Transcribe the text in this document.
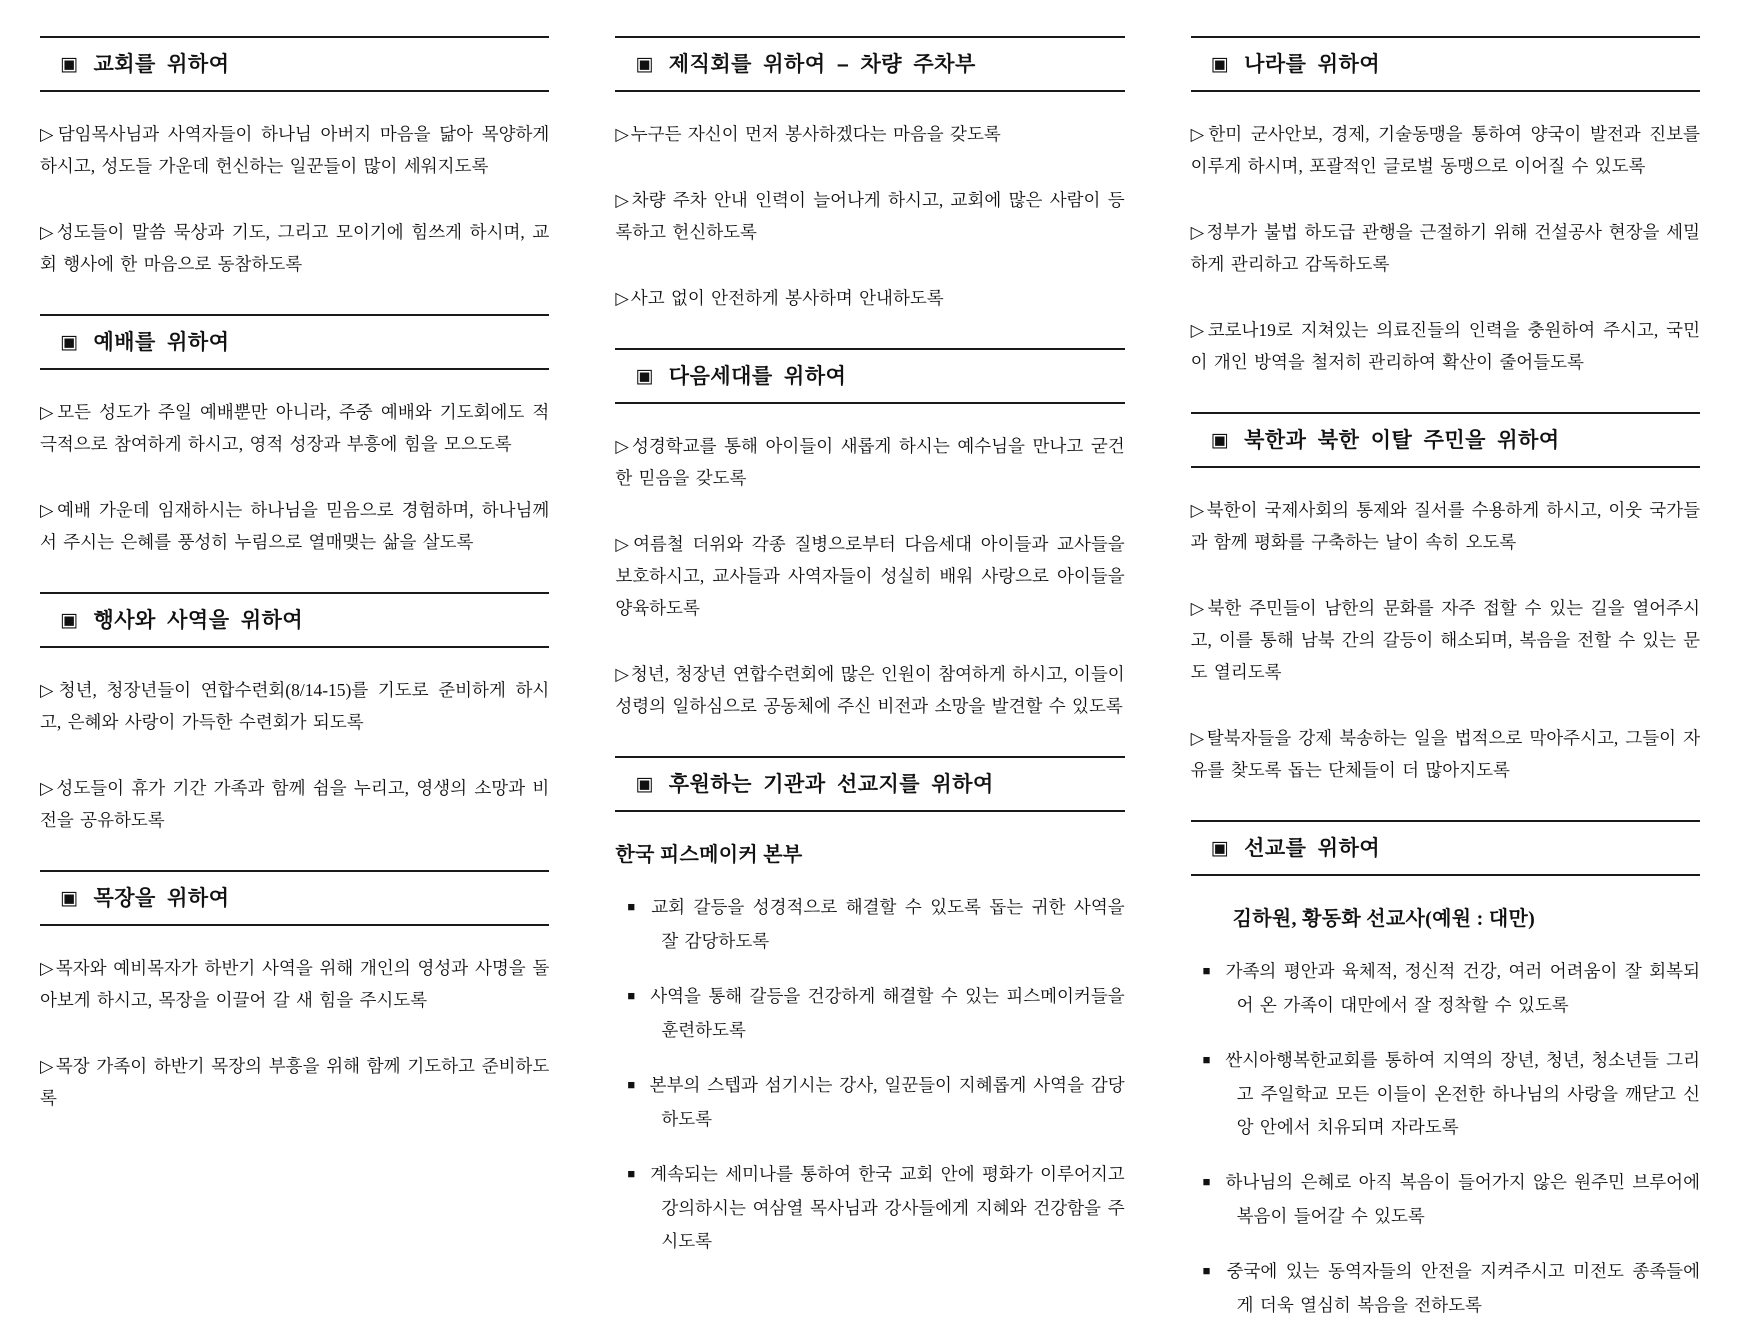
▣ 교회를 위하여

▷ 담임목사님과 사역자들이 하나님 아버지 마음을 닮아 목양하게 하시고, 성도들 가운데 헌신하는 일꾼들이 많이 세워지도록

▷ 성도들이 말씀 묵상과 기도, 그리고 모이기에 힘쓰게 하시며, 교회 행사에 한 마음으로 동참하도록

▣ 예배를 위하여

▷ 모든 성도가 주일 예배뿐만 아니라, 주중 예배와 기도회에도 적극적으로 참여하게 하시고, 영적 성장과 부흥에 힘을 모으도록

▷ 예배 가운데 임재하시는 하나님을 믿음으로 경험하며, 하나님께서 주시는 은혜를 풍성히 누림으로 열매맺는 삶을 살도록

▣ 행사와 사역을 위하여

▷ 청년, 청장년들이 연합수련회(8/14-15)를 기도로 준비하게 하시고, 은혜와 사랑이 가득한 수련회가 되도록

▷ 성도들이 휴가 기간 가족과 함께 쉼을 누리고, 영생의 소망과 비전을 공유하도록

▣ 목장을 위하여

▷ 목자와 예비목자가 하반기 사역을 위해 개인의 영성과 사명을 돌아보게 하시고, 목장을 이끌어 갈 새 힘을 주시도록

▷ 목장 가족이 하반기 목장의 부흥을 위해 함께 기도하고 준비하도록

▣ 제직회를 위하여 – 차량 주차부

▷ 누구든 자신이 먼저 봉사하겠다는 마음을 갖도록

▷ 차량 주차 안내 인력이 늘어나게 하시고, 교회에 많은 사람이 등록하고 헌신하도록

▷ 사고 없이 안전하게 봉사하며 안내하도록

▣ 다음세대를 위하여

▷ 성경학교를 통해 아이들이 새롭게 하시는 예수님을 만나고 굳건한 믿음을 갖도록

▷ 여름철 더위와 각종 질병으로부터 다음세대 아이들과 교사들을 보호하시고, 교사들과 사역자들이 성실히 배워 사랑으로 아이들을 양육하도록

▷ 청년, 청장년 연합수련회에 많은 인원이 참여하게 하시고, 이들이 성령의 일하심으로 공동체에 주신 비전과 소망을 발견할 수 있도록

▣ 후원하는 기관과 선교지를 위하여
한국 피스메이커 본부

■ 교회 갈등을 성경적으로 해결할 수 있도록 돕는 귀한 사역을 잘 감당하도록

■ 사역을 통해 갈등을 건강하게 해결할 수 있는 피스메이커들을 훈련하도록

■ 본부의 스텝과 섬기시는 강사, 일꾼들이 지혜롭게 사역을 감당하도록

■ 계속되는 세미나를 통하여 한국 교회 안에 평화가 이루어지고 강의하시는 여삼열 목사님과 강사들에게 지혜와 건강함을 주시도록

▣ 나라를 위하여

▷ 한미 군사안보, 경제, 기술동맹을 통하여 양국이 발전과 진보를 이루게 하시며, 포괄적인 글로벌 동맹으로 이어질 수 있도록

▷ 정부가 불법 하도급 관행을 근절하기 위해 건설공사 현장을 세밀하게 관리하고 감독하도록

▷ 코로나19로 지쳐있는 의료진들의 인력을 충원하여 주시고, 국민이 개인 방역을 철저히 관리하여 확산이 줄어들도록

▣ 북한과 북한 이탈 주민을 위하여

▷ 북한이 국제사회의 통제와 질서를 수용하게 하시고, 이웃 국가들과 함께 평화를 구축하는 날이 속히 오도록

▷ 북한 주민들이 남한의 문화를 자주 접할 수 있는 길을 열어주시고, 이를 통해 남북 간의 갈등이 해소되며, 복음을 전할 수 있는 문도 열리도록

▷ 탈북자들을 강제 북송하는 일을 법적으로 막아주시고, 그들이 자유를 찾도록 돕는 단체들이 더 많아지도록

▣ 선교를 위하여
김하원, 황동화 선교사(예원 : 대만)

■ 가족의 평안과 육체적, 정신적 건강, 여러 어려움이 잘 회복되어 온 가족이 대만에서 잘 정착할 수 있도록

■ 싼시아행복한교회를 통하여 지역의 장년, 청년, 청소년들 그리고 주일학교 모든 이들이 온전한 하나님의 사랑을 깨닫고 신앙 안에서 치유되며 자라도록

■ 하나님의 은혜로 아직 복음이 들어가지 않은 원주민 브루어에 복음이 들어갈 수 있도록

■ 중국에 있는 동역자들의 안전을 지켜주시고 미전도 종족들에게 더욱 열심히 복음을 전하도록
